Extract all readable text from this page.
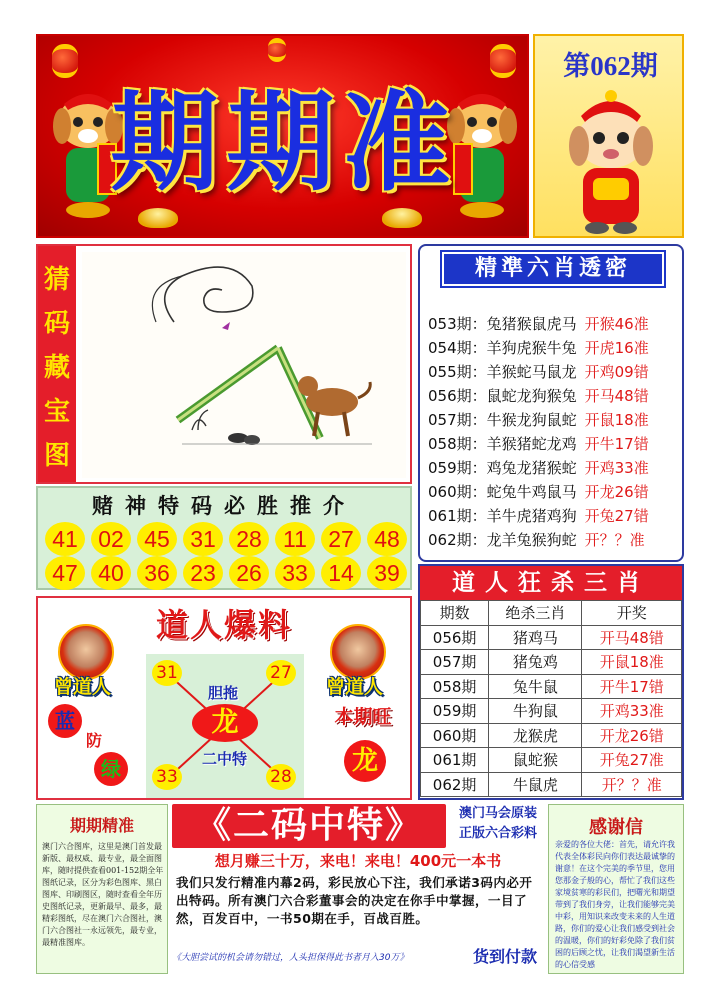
期期准
第062期
猜
码
藏
宝
图
精準六肖透密
053期：兔猪猴鼠虎马 开猴46准
054期：羊狗虎猴牛兔 开虎16准
055期：羊猴蛇马鼠龙 开鸡09错
056期：鼠蛇龙狗猴兔 开马48错
057期：牛猴龙狗鼠蛇 开鼠18准
058期：羊猴猪蛇龙鸡 开牛17错
059期：鸡兔龙猪猴蛇 开鸡33准
060期：蛇兔牛鸡鼠马 开龙26错
061期：羊牛虎猪鸡狗 开兔27错
062期：龙羊兔猴狗蛇 开？？准
赌神特码必胜推介
41 02 45 31 28 11 27 48
47 40 36 23 26 33 14 39	道人狂杀三肖
期数	绝杀三肖	开奖
056期	猪鸡马	开马48错
057期	猪兔鸡	开鼠18准
058期	兔牛鼠	开牛17错
059期	牛狗鼠	开鸡33准
060期	龙猴虎	开龙26错
061期	鼠蛇猴	开兔27准
062期	牛鼠虎	开？？准
曾道人
蓝
防
绿
道人爆料
31	27
33	28
胆拖
龙
二中特
曾道人
本期旺
龙
期期精准
澳门六合图库，这里是澳门首发最新版、最权威、最专业，最全面图库，随时提供查看001-152期全年图纸记录，区分为彩色图库、黑白图库、印刷图区，随时查看全年历史图纸记录，更新最早、最多，最精彩图纸，尽在澳门六合图社，澳门六合图社一永远领先，最专业，最精准图库。
《二码中特》	澳门马会原装
正版六合彩料
想月赚三十万，来电！来电！400元一本书
我们只发行精准内幕2码，彩民放心下注，我们承诺3码内必开出特码。所有澳门六合彩董事会的决定在你手中掌握，一目了然，百发百中，一书50期在手，百战百胜。
《大胆尝试的机会请勿错过，人头担保得此书者月入30万》	货到付款
感谢信
亲爱的各位大佬：首先，请允许我代表全体彩民向你们表达最诚挚的谢意！在这个完美的季节里，您用您那金子般的心，帮忙了我们这些家境贫寒的彩民们，把曙光和期望带到了我们身旁，让我们能够完美中彩，用知识来改变未来的人生道路，你们的爱心让我们感受到社会的温暖，你们的好彩免除了我们贫困的后顾之忧，让我们渴望新生活的心信受感
